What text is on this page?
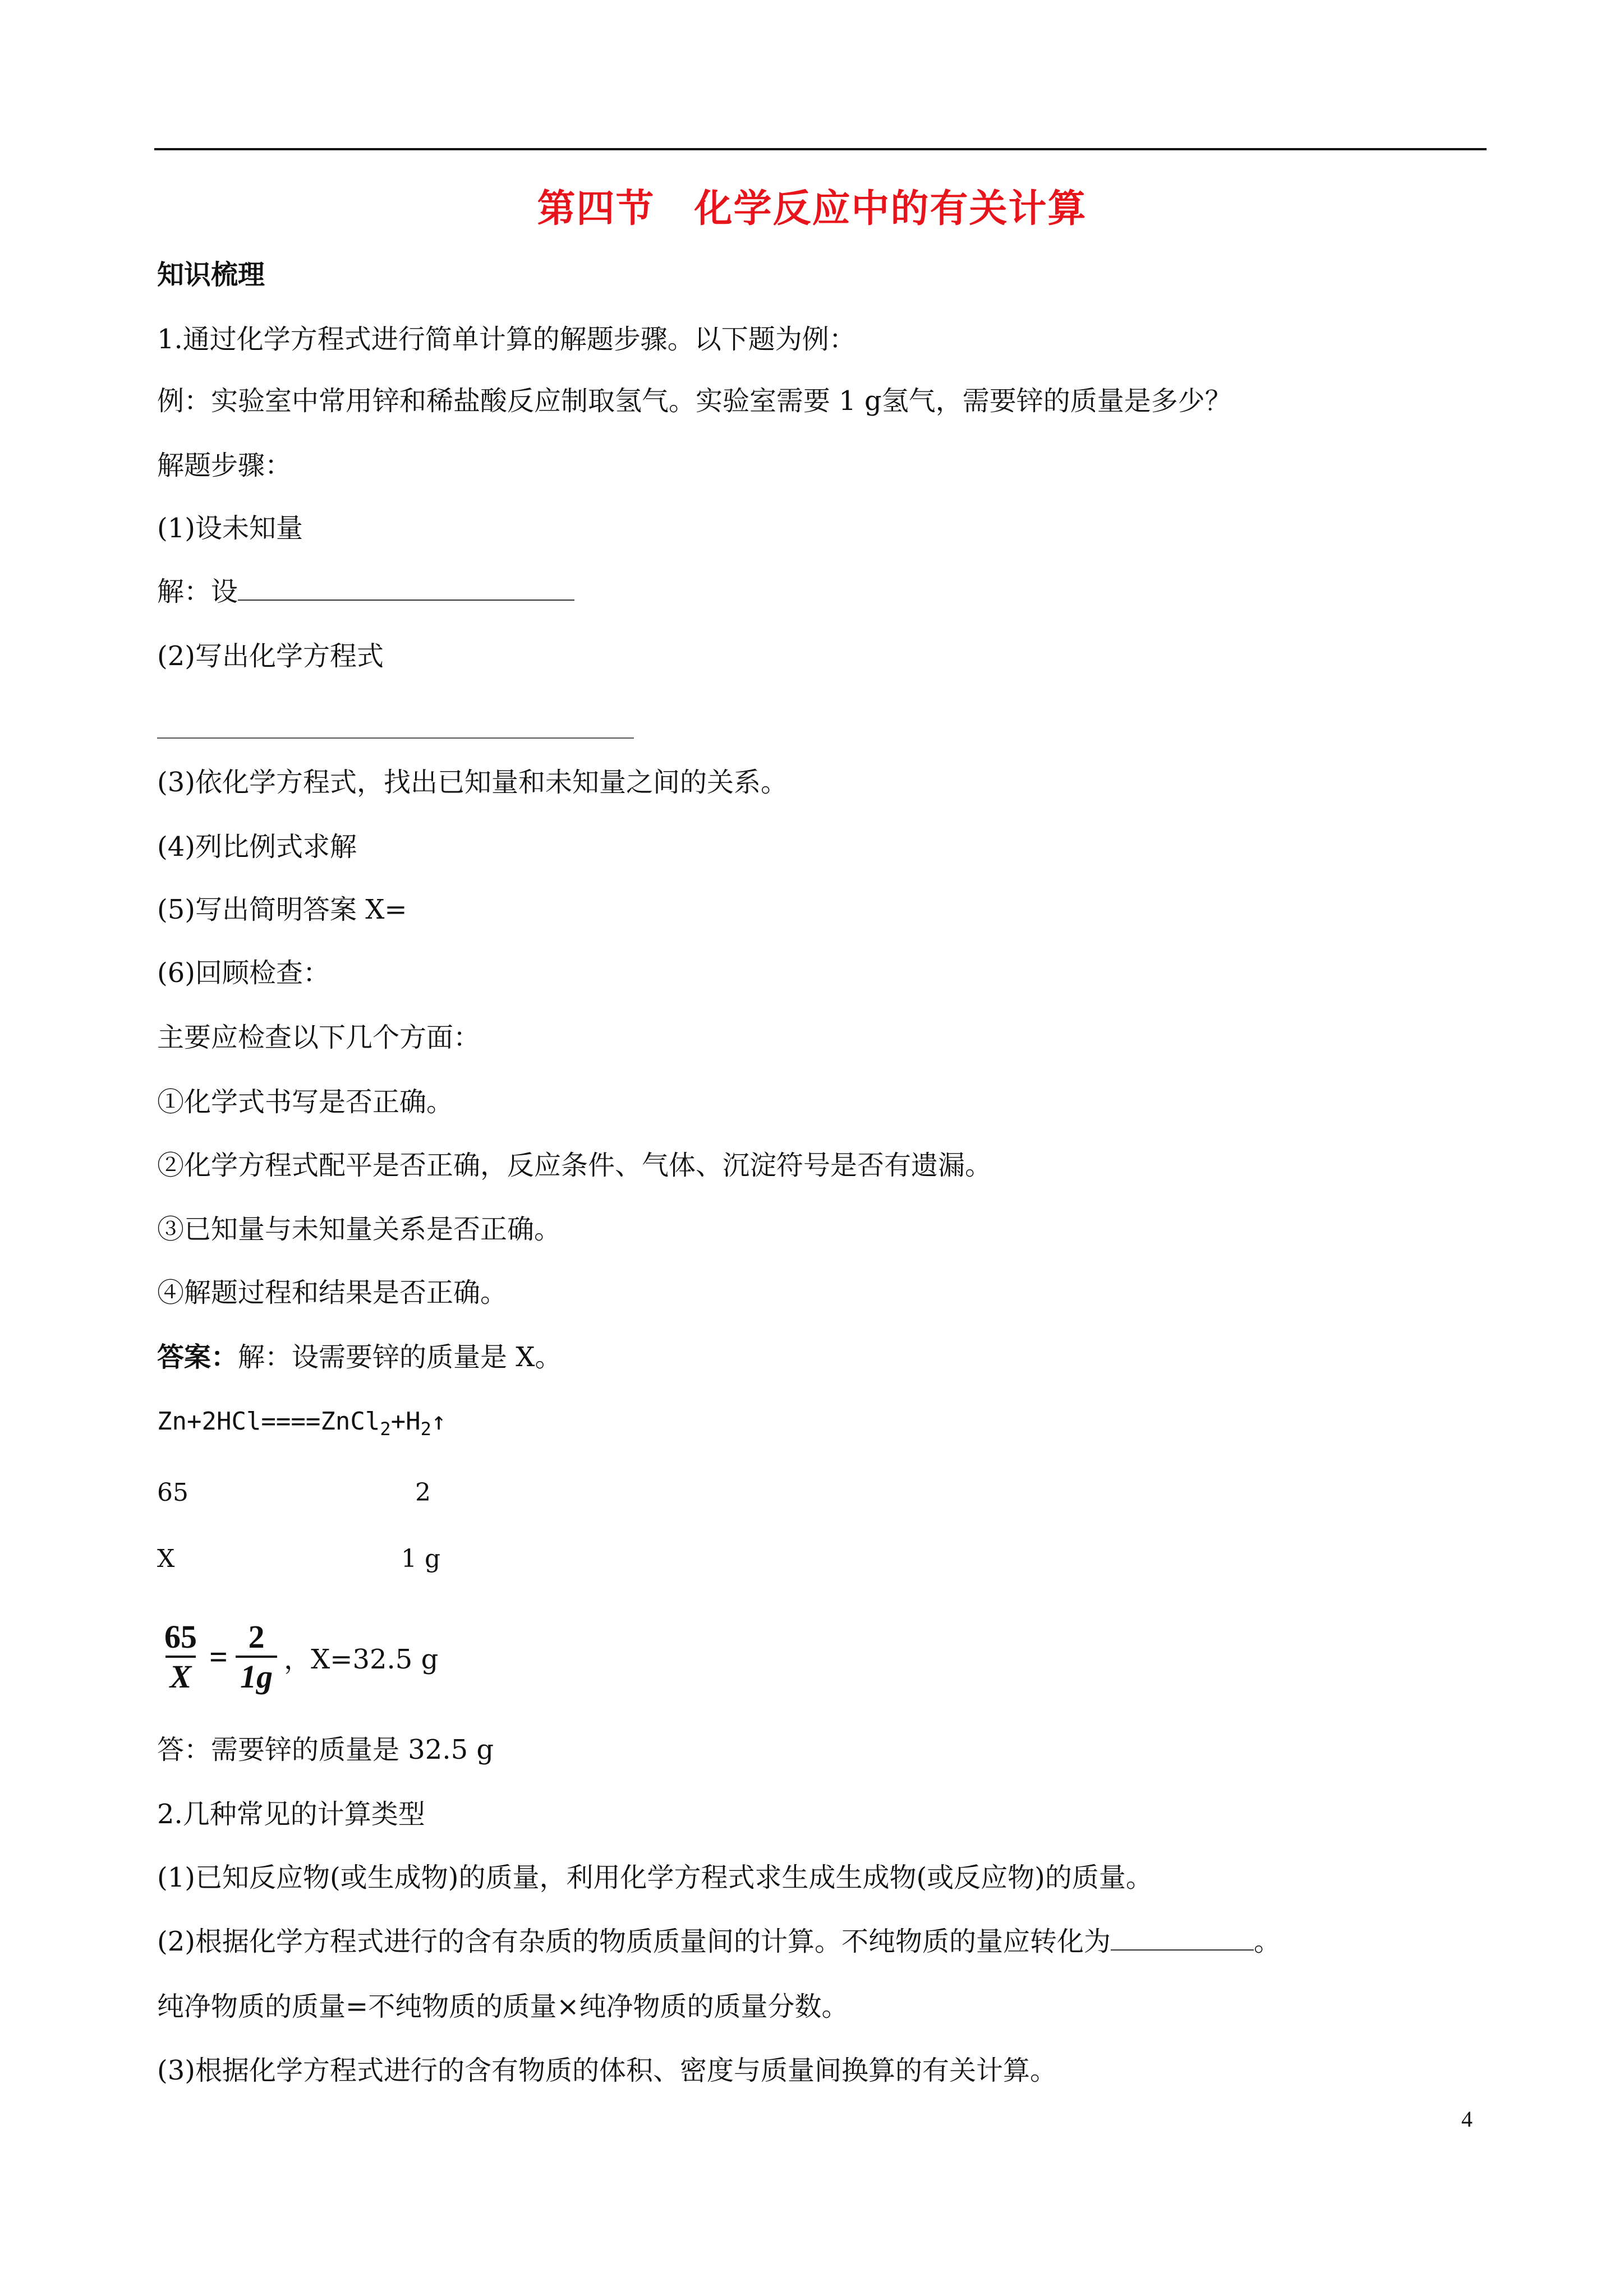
第四节　化学反应中的有关计算
知识梳理
1.通过化学方程式进行简单计算的解题步骤。以下题为例：
例：实验室中常用锌和稀盐酸反应制取氢气。实验室需要 1 g氢气，需要锌的质量是多少？
解题步骤：
(1)设未知量
解：设
(2)写出化学方程式
(3)依化学方程式，找出已知量和未知量之间的关系。
(4)列比例式求解
(5)写出简明答案 X=
(6)回顾检查：
主要应检查以下几个方面：
①化学式书写是否正确。
②化学方程式配平是否正确，反应条件、气体、沉淀符号是否有遗漏。
③已知量与未知量关系是否正确。
④解题过程和结果是否正确。
答案：解：设需要锌的质量是 X。
$Zn+2HCl====ZnCl_2+H_2↑$
65	2
X	1 g
$\frac{65}{X} = \frac{2}{1g}$ ，X=32.5 g
答：需要锌的质量是 32.5 g
2.几种常见的计算类型
(1)已知反应物(或生成物)的质量，利用化学方程式求生成生成物(或反应物)的质量。
(2)根据化学方程式进行的含有杂质的物质质量间的计算。不纯物质的量应转化为	。
纯净物质的质量=不纯物质的质量×纯净物质的质量分数。
(3)根据化学方程式进行的含有物质的体积、密度与质量间换算的有关计算。
4
